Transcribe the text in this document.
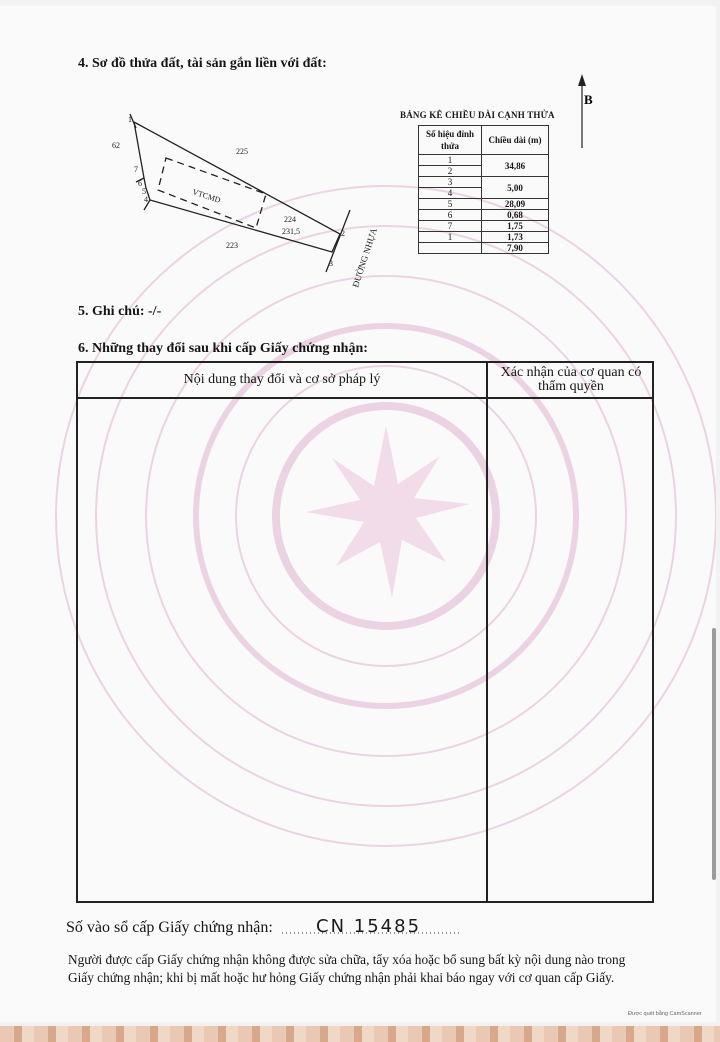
4. Sơ đồ thửa đất, tài sản gắn liền với đất:
1
2
3
4
5
6
7
62
225
224
231,5
223
VTCMD
ĐƯỜNG NHỰA
B
BẢNG KÊ CHIỀU DÀI CẠNH THỬA
Số hiệu đỉnh thửa	Chiều dài (m)
1	34,86
2	
3	5,00
4	
5	28,09
6	0,68
7	1,75
1	1,73
	7,90
5. Ghi chú: -/-
6. Những thay đổi sau khi cấp Giấy chứng nhận:
Nội dung thay đổi và cơ sở pháp lý	Xác nhận của cơ quan có thẩm quyền
Số vào sổ cấp Giấy chứng nhận: CN 15485
Người được cấp Giấy chứng nhận không được sửa chữa, tẩy xóa hoặc bổ sung bất kỳ nội dung nào trong
Giấy chứng nhận; khi bị mất hoặc hư hỏng Giấy chứng nhận phải khai báo ngay với cơ quan cấp Giấy.
Được quét bằng CamScanner
